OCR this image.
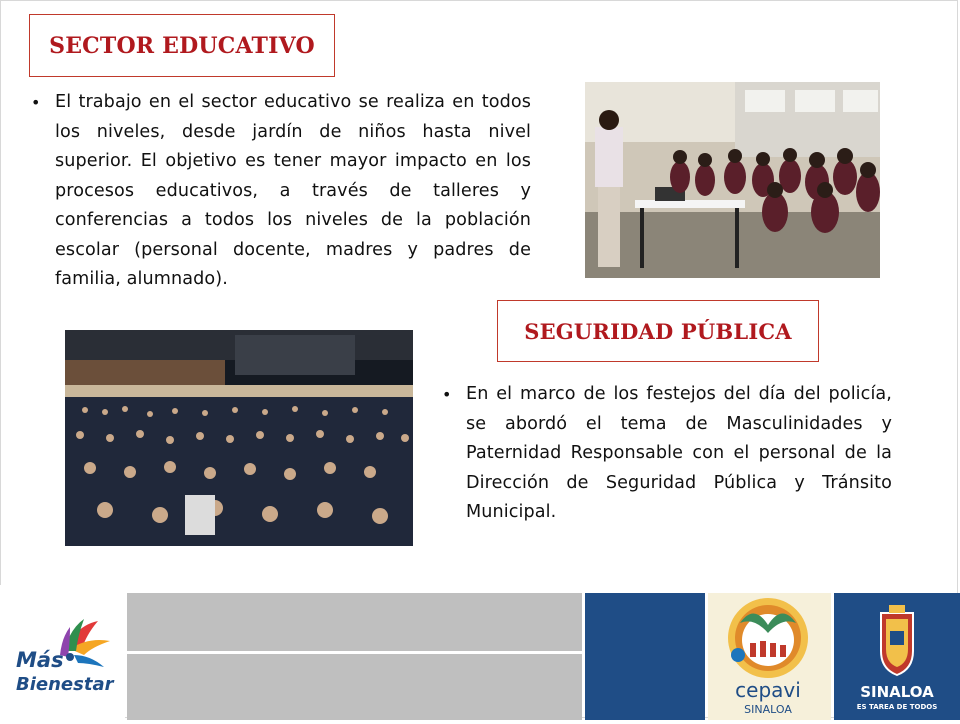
SECTOR EDUCATIVO
• El trabajo en el sector educativo se realiza en todos los niveles, desde jardín de niños hasta nivel superior. El objetivo es tener mayor impacto en los procesos educativos, a través de talleres y conferencias a todos los niveles de la población escolar (personal docente, madres y padres de familia, alumnado).
SEGURIDAD PÚBLICA
• En el marco de los festejos del día del policía, se abordó el tema de Masculinidades y Paternidad Responsable con el personal de la Dirección de Seguridad Pública y Tránsito Municipal.
Más
Bienestar	cepavi
SINALOA
SINALOA
ES TAREA DE TODOS
